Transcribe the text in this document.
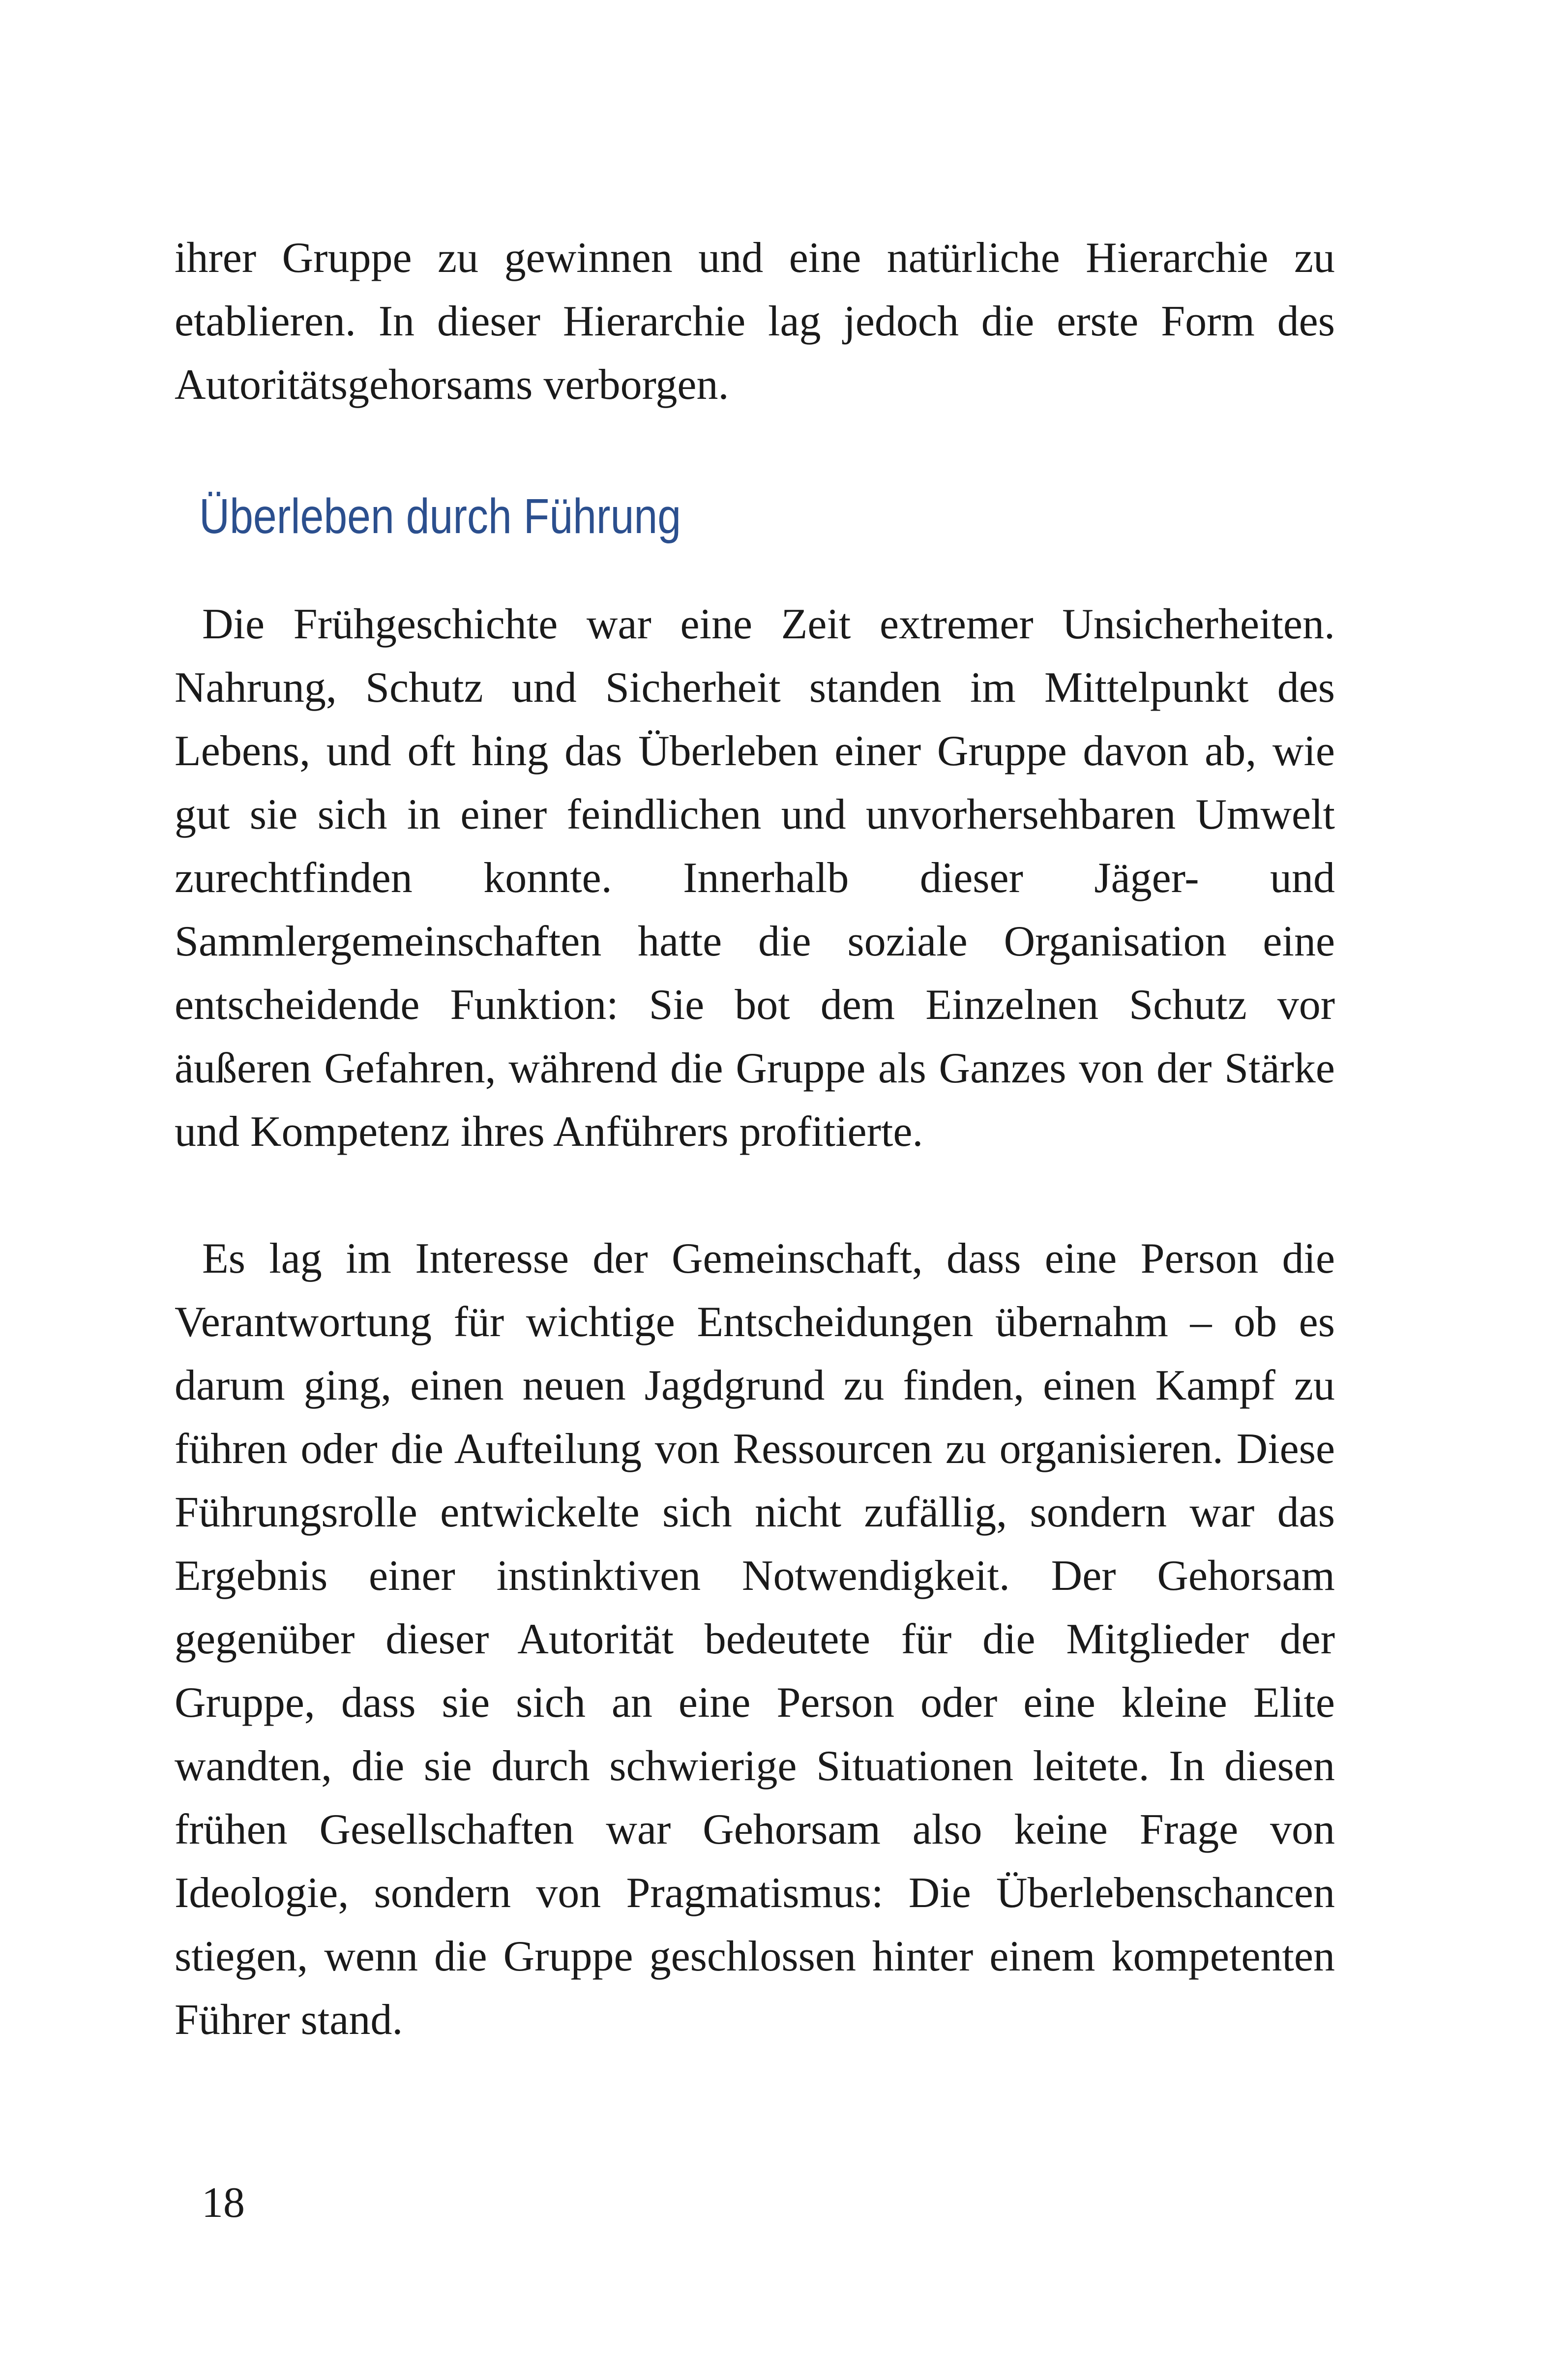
ihrer Gruppe zu gewinnen und eine natürliche Hierarchie zu etablieren. In dieser Hierarchie lag jedoch die erste Form des Autoritätsgehorsams verborgen.

Überleben durch Führung

Die Frühgeschichte war eine Zeit extremer Unsicherheiten. Nahrung, Schutz und Sicherheit standen im Mittelpunkt des Lebens, und oft hing das Überleben einer Gruppe davon ab, wie gut sie sich in einer feindlichen und unvorhersehbaren Umwelt zurechtfinden konnte. Innerhalb dieser Jäger- und Sammlergemeinschaften hatte die soziale Organisation eine entscheidende Funktion: Sie bot dem Einzelnen Schutz vor äußeren Gefahren, während die Gruppe als Ganzes von der Stärke und Kompetenz ihres Anführers profitierte.

Es lag im Interesse der Gemeinschaft, dass eine Person die Verantwortung für wichtige Entscheidungen übernahm – ob es darum ging, einen neuen Jagdgrund zu finden, einen Kampf zu führen oder die Aufteilung von Ressourcen zu organisieren. Diese Führungsrolle entwickelte sich nicht zufällig, sondern war das Ergebnis einer instinktiven Notwendigkeit. Der Gehorsam gegenüber dieser Autorität bedeutete für die Mitglieder der Gruppe, dass sie sich an eine Person oder eine kleine Elite wandten, die sie durch schwierige Situationen leitete. In diesen frühen Gesellschaften war Gehorsam also keine Frage von Ideologie, sondern von Pragmatismus: Die Überlebenschancen stiegen, wenn die Gruppe geschlossen hinter einem kompetenten Führer stand.

18
